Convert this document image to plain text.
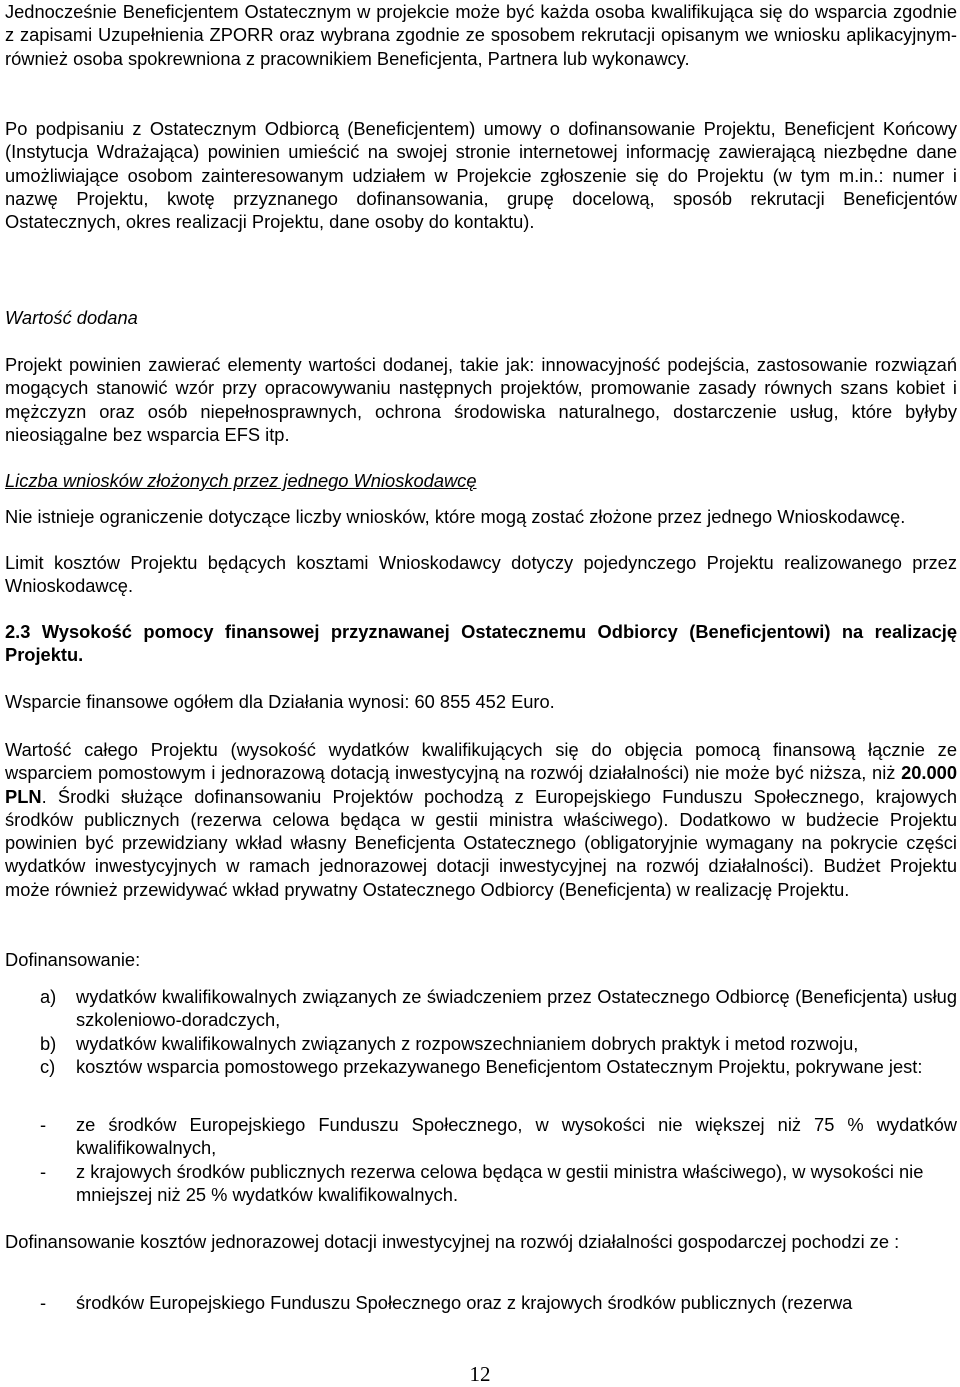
Jednocześnie Beneficjentem Ostatecznym w projekcie może być każda osoba kwalifikująca się do wsparcia zgodnie z zapisami Uzupełnienia ZPORR oraz wybrana zgodnie ze sposobem rekrutacji opisanym we wniosku aplikacyjnym- również osoba spokrewniona z pracownikiem Beneficjenta, Partnera lub wykonawcy.

Po podpisaniu z Ostatecznym Odbiorcą (Beneficjentem) umowy o dofinansowanie Projektu, Beneficjent Końcowy (Instytucja Wdrażająca) powinien umieścić na swojej stronie internetowej informację zawierającą niezbędne dane umożliwiające osobom zainteresowanym udziałem w Projekcie zgłoszenie się do Projektu (w tym m.in.: numer i nazwę Projektu, kwotę przyznanego dofinansowania, grupę docelową, sposób rekrutacji Beneficjentów Ostatecznych, okres realizacji Projektu, dane osoby do kontaktu).

Wartość dodana

Projekt powinien zawierać elementy wartości dodanej, takie jak: innowacyjność podejścia, zastosowanie rozwiązań mogących stanowić wzór przy opracowywaniu następnych projektów, promowanie zasady równych szans kobiet i mężczyzn oraz osób niepełnosprawnych, ochrona środowiska naturalnego, dostarczenie usług, które byłyby nieosiągalne bez wsparcia EFS itp.

Liczba wniosków złożonych przez jednego Wnioskodawcę

Nie istnieje ograniczenie dotyczące liczby wniosków, które mogą zostać złożone przez jednego Wnioskodawcę.

Limit kosztów Projektu będących kosztami Wnioskodawcy dotyczy pojedynczego Projektu realizowanego przez Wnioskodawcę.

2.3 Wysokość pomocy finansowej przyznawanej Ostatecznemu Odbiorcy (Beneficjentowi) na realizację Projektu.

Wsparcie finansowe ogółem dla Działania wynosi: 60 855 452 Euro.

Wartość całego Projektu (wysokość wydatków kwalifikujących się do objęcia pomocą finansową łącznie ze wsparciem pomostowym i jednorazową dotacją inwestycyjną na rozwój działalności) nie może być niższa, niż 20.000 PLN. Środki służące dofinansowaniu Projektów pochodzą z Europejskiego Funduszu Społecznego, krajowych środków publicznych (rezerwa celowa będąca w gestii ministra właściwego). Dodatkowo w budżecie Projektu powinien być przewidziany wkład własny Beneficjenta Ostatecznego (obligatoryjnie wymagany na pokrycie części wydatków inwestycyjnych w ramach jednorazowej dotacji inwestycyjnej na rozwój działalności). Budżet Projektu może również przewidywać wkład prywatny Ostatecznego Odbiorcy (Beneficjenta) w realizację Projektu.

Dofinansowanie:

a) wydatków kwalifikowalnych związanych ze świadczeniem przez Ostatecznego Odbiorcę (Beneficjenta) usług szkoleniowo-doradczych,
b) wydatków kwalifikowalnych związanych z rozpowszechnianiem dobrych praktyk i metod rozwoju,
c) kosztów wsparcia pomostowego przekazywanego Beneficjentom Ostatecznym Projektu, pokrywane jest:
- ze środków Europejskiego Funduszu Społecznego, w wysokości nie większej niż 75 % wydatków kwalifikowalnych,
- z krajowych środków publicznych rezerwa celowa będąca w gestii ministra właściwego), w wysokości nie mniejszej niż 25 % wydatków kwalifikowalnych.

Dofinansowanie kosztów jednorazowej dotacji inwestycyjnej na rozwój działalności gospodarczej pochodzi ze :

- środków Europejskiego Funduszu Społecznego oraz z krajowych środków publicznych (rezerwa
12
